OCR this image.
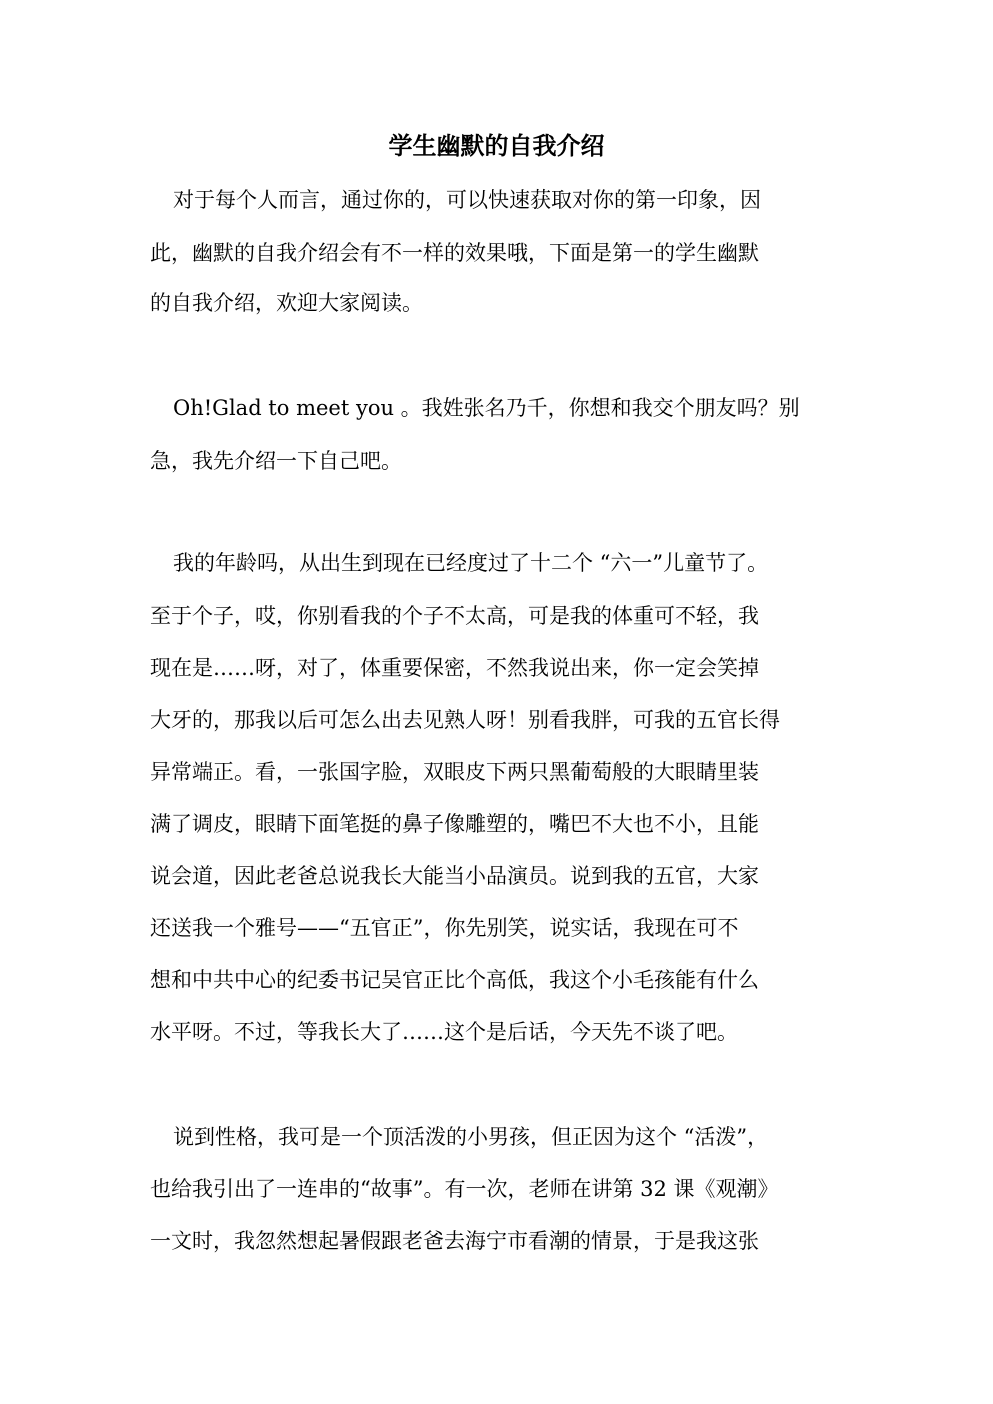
学生幽默的自我介绍

对于每个人而言，通过你的，可以快速获取对你的第一印象，因

此，幽默的自我介绍会有不一样的效果哦，下面是第一的学生幽默

的自我介绍，欢迎大家阅读。

Oh!Glad to meet you 。我姓张名乃千，你想和我交个朋友吗？别

急，我先介绍一下自己吧。

我的年龄吗，从出生到现在已经度过了十二个 “六一”儿童节了。

至于个子，哎，你别看我的个子不太高，可是我的体重可不轻，我

现在是……呀，对了，体重要保密，不然我说出来，你一定会笑掉

大牙的，那我以后可怎么出去见熟人呀！别看我胖，可我的五官长得

异常端正。看，一张国字脸，双眼皮下两只黑葡萄般的大眼睛里装

满了调皮，眼睛下面笔挺的鼻子像雕塑的，嘴巴不大也不小，且能

说会道，因此老爸总说我长大能当小品演员。说到我的五官，大家

还送我一个雅号——“五官正”，你先别笑，说实话，我现在可不

想和中共中心的纪委书记吴官正比个高低，我这个小毛孩能有什么

水平呀。不过，等我长大了……这个是后话，今天先不谈了吧。

说到性格，我可是一个顶活泼的小男孩，但正因为这个 “活泼”，

也给我引出了一连串的“故事”。有一次，老师在讲第 32 课《观潮》

一文时，我忽然想起暑假跟老爸去海宁市看潮的情景，于是我这张
